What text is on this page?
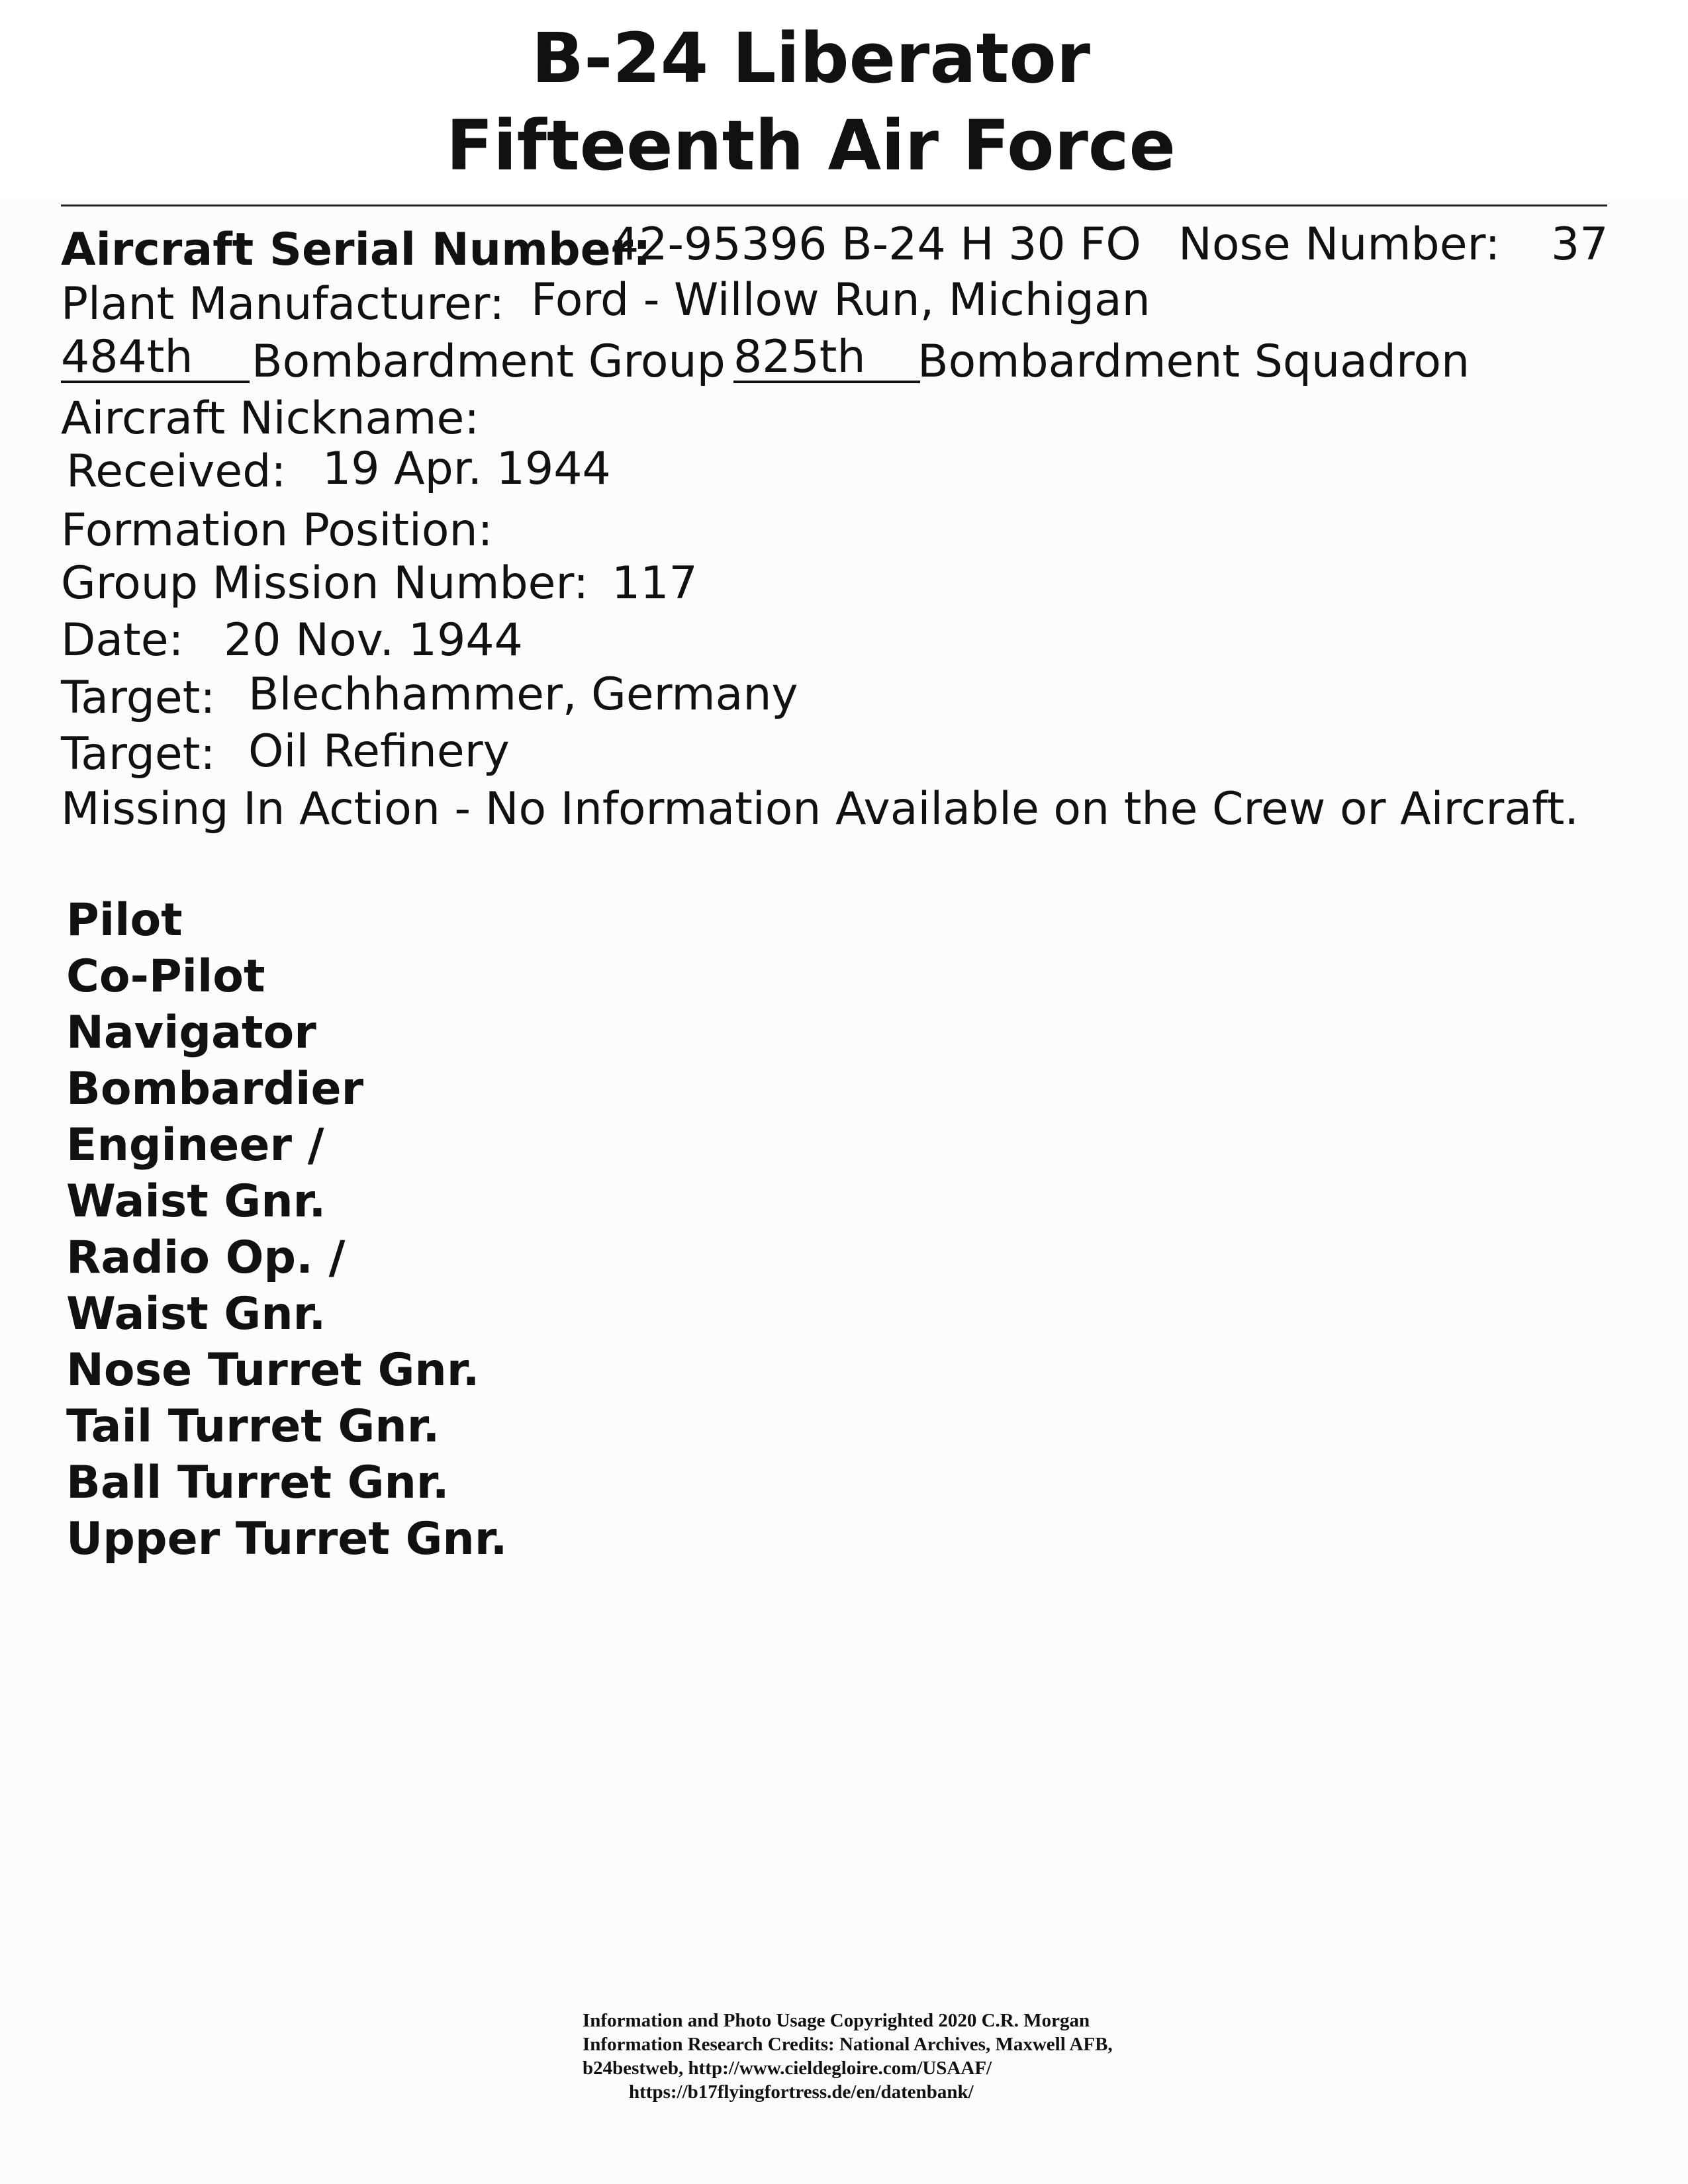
B-24 Liberator
Fifteenth Air Force
Aircraft Serial Number:
42-95396 B-24 H 30 FO Nose Number: 37
Plant Manufacturer: Ford - Willow Run, Michigan
484th	Bombardment Group 825th	Bombardment Squadron
Aircraft Nickname:
Received: 19 Apr. 1944
Formation Position:
Group Mission Number: 117
Date: 20 Nov. 1944
Target: Blechhammer, Germany
Target: Oil Refinery
Missing In Action - No Information Available on the Crew or Aircraft.
Pilot
Co-Pilot
Navigator
Bombardier
Engineer /
Waist Gnr.
Radio Op. /
Waist Gnr.
Nose Turret Gnr.
Tail Turret Gnr.
Ball Turret Gnr.
Upper Turret Gnr.
Information and Photo Usage Copyrighted 2020 C.R. Morgan
Information Research Credits: National Archives, Maxwell AFB,
b24bestweb, http://www.cieldegloire.com/USAAF/
https://b17flyingfortress.de/en/datenbank/
